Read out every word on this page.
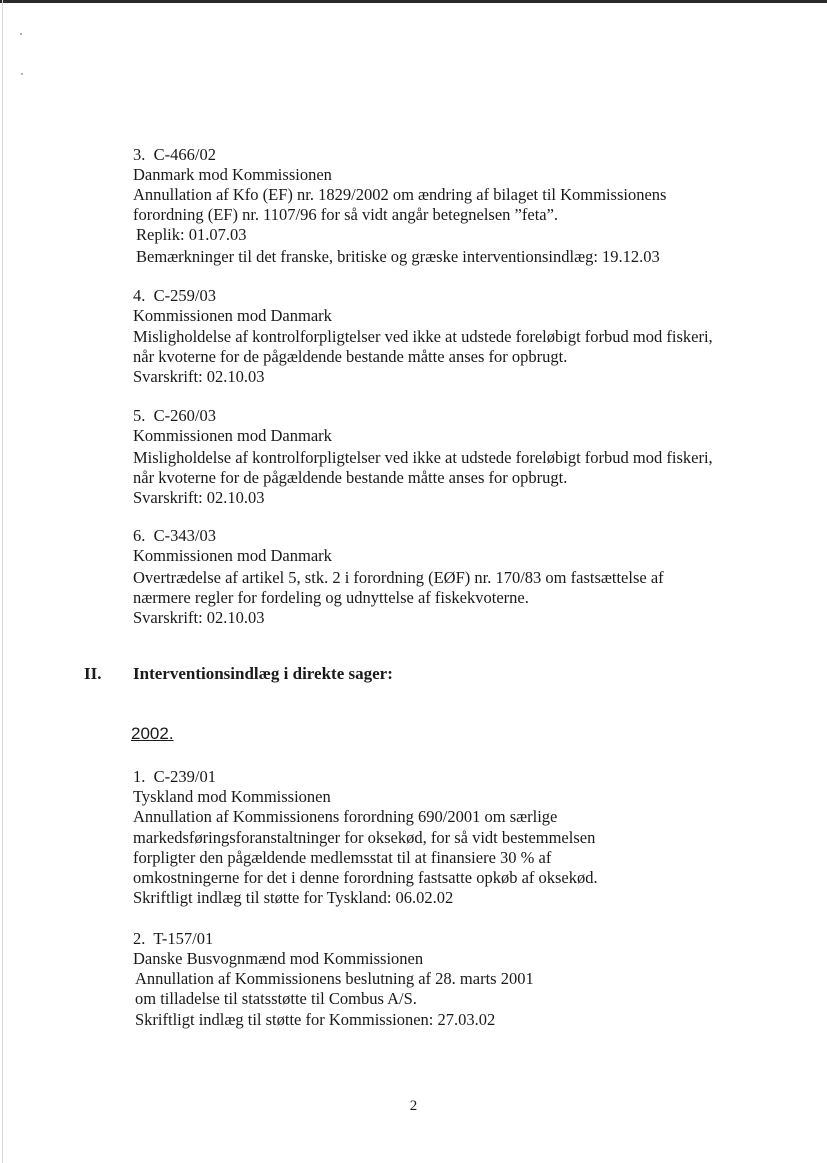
3. C-466/02
Danmark mod Kommissionen
Annullation af Kfo (EF) nr. 1829/2002 om ændring af bilaget til Kommissionens
forordning (EF) nr. 1107/96 for så vidt angår betegnelsen ”feta”.
Replik: 01.07.03
Bemærkninger til det franske, britiske og græske interventionsindlæg: 19.12.03
4. C-259/03
Kommissionen mod Danmark
Misligholdelse af kontrolforpligtelser ved ikke at udstede foreløbigt forbud mod fiskeri,
når kvoterne for de pågældende bestande måtte anses for opbrugt.
Svarskrift: 02.10.03
5. C-260/03
Kommissionen mod Danmark
Misligholdelse af kontrolforpligtelser ved ikke at udstede foreløbigt forbud mod fiskeri,
når kvoterne for de pågældende bestande måtte anses for opbrugt.
Svarskrift: 02.10.03
6. C-343/03
Kommissionen mod Danmark
Overtrædelse af artikel 5, stk. 2 i forordning (EØF) nr. 170/83 om fastsættelse af
nærmere regler for fordeling og udnyttelse af fiskekvoterne.
Svarskrift: 02.10.03
II. Interventionsindlæg i direkte sager:
2002.
1. C-239/01
Tyskland mod Kommissionen
Annullation af Kommissionens forordning 690/2001 om særlige
markedsføringsforanstaltninger for oksekød, for så vidt bestemmelsen
forpligter den pågældende medlemsstat til at finansiere 30 % af
omkostningerne for det i denne forordning fastsatte opkøb af oksekød.
Skriftligt indlæg til støtte for Tyskland: 06.02.02
2. T-157/01
Danske Busvognmænd mod Kommissionen
Annullation af Kommissionens beslutning af 28. marts 2001
om tilladelse til statsstøtte til Combus A/S.
Skriftligt indlæg til støtte for Kommissionen: 27.03.02
2
